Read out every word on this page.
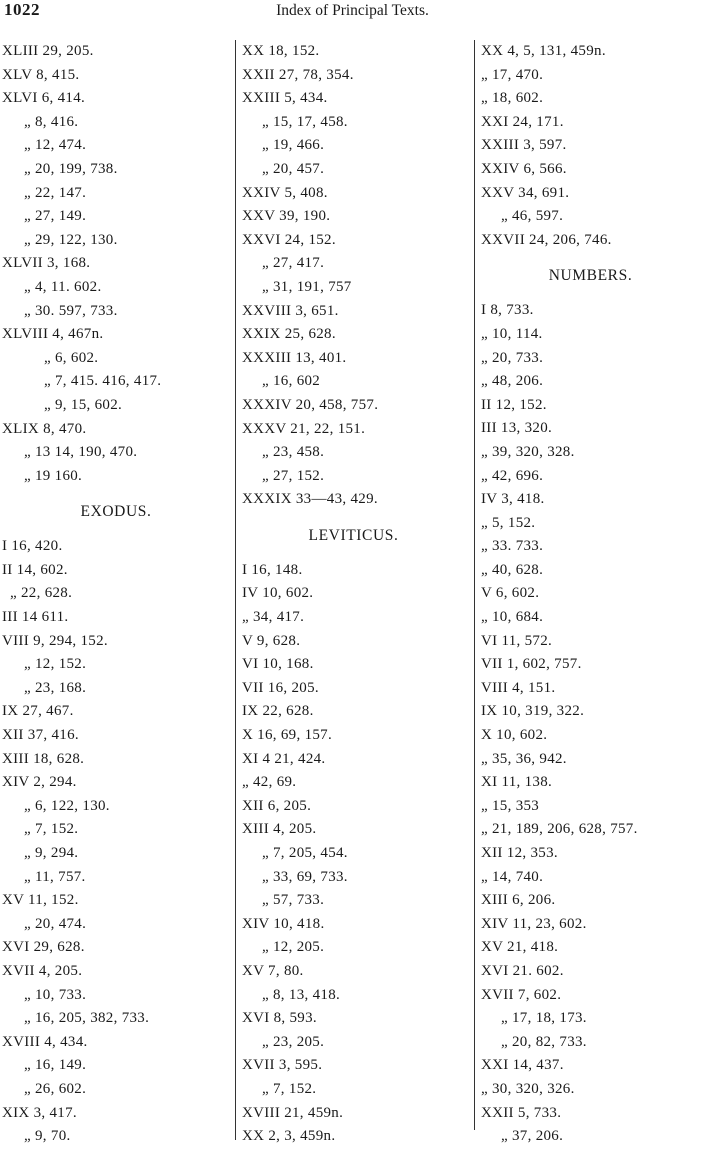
1022	Index of Principal Texts.
XLIII 29, 205.
XLV 8, 415.
XLVI 6, 414.
„ 8, 416.
„ 12, 474.
„ 20, 199, 738.
„ 22, 147.
„ 27, 149.
„ 29, 122, 130.
XLVII 3, 168.
„ 4, 11. 602.
„ 30. 597, 733.
XLVIII 4, 467n.
„ 6, 602.
„ 7, 415. 416, 417.
„ 9, 15, 602.
XLIX 8, 470.
„ 13 14, 190, 470.
„ 19 160.
EXODUS.
I 16, 420.
II 14, 602.
„ 22, 628.
III 14 611.
VIII 9, 294, 152.
„ 12, 152.
„ 23, 168.
IX 27, 467.
XII 37, 416.
XIII 18, 628.
XIV 2, 294.
„ 6, 122, 130.
„ 7, 152.
„ 9, 294.
„ 11, 757.
XV 11, 152.
„ 20, 474.
XVI 29, 628.
XVII 4, 205.
„ 10, 733.
„ 16, 205, 382, 733.
XVIII 4, 434.
„ 16, 149.
„ 26, 602.
XIX 3, 417.
„ 9, 70.
XX 18, 152.
XXII 27, 78, 354.
XXIII 5, 434.
„ 15, 17, 458.
„ 19, 466.
„ 20, 457.
XXIV 5, 408.
XXV 39, 190.
XXVI 24, 152.
„ 27, 417.
„ 31, 191, 757
XXVIII 3, 651.
XXIX 25, 628.
XXXIII 13, 401.
„ 16, 602
XXXIV 20, 458, 757.
XXXV 21, 22, 151.
„ 23, 458.
„ 27, 152.
XXXIX 33—43, 429.
LEVITICUS.
I 16, 148.
IV 10, 602.
„ 34, 417.
V 9, 628.
VI 10, 168.
VII 16, 205.
IX 22, 628.
X 16, 69, 157.
XI 4 21, 424.
„ 42, 69.
XII 6, 205.
XIII 4, 205.
„ 7, 205, 454.
„ 33, 69, 733.
„ 57, 733.
XIV 10, 418.
„ 12, 205.
XV 7, 80.
„ 8, 13, 418.
XVI 8, 593.
„ 23, 205.
XVII 3, 595.
„ 7, 152.
XVIII 21, 459n.
XX 2, 3, 459n.
XX 4, 5, 131, 459n.
„ 17, 470.
„ 18, 602.
XXI 24, 171.
XXIII 3, 597.
XXIV 6, 566.
XXV 34, 691.
„ 46, 597.
XXVII 24, 206, 746.
NUMBERS.
I 8, 733.
„ 10, 114.
„ 20, 733.
„ 48, 206.
II 12, 152.
III 13, 320.
„ 39, 320, 328.
„ 42, 696.
IV 3, 418.
„ 5, 152.
„ 33. 733.
„ 40, 628.
V 6, 602.
„ 10, 684.
VI 11, 572.
VII 1, 602, 757.
VIII 4, 151.
IX 10, 319, 322.
X 10, 602.
„ 35, 36, 942.
XI 11, 138.
„ 15, 353
„ 21, 189, 206, 628, 757.
XII 12, 353.
„ 14, 740.
XIII 6, 206.
XIV 11, 23, 602.
XV 21, 418.
XVI 21. 602.
XVII 7, 602.
„ 17, 18, 173.
„ 20, 82, 733.
XXI 14, 437.
„ 30, 320, 326.
XXII 5, 733.
„ 37, 206.
